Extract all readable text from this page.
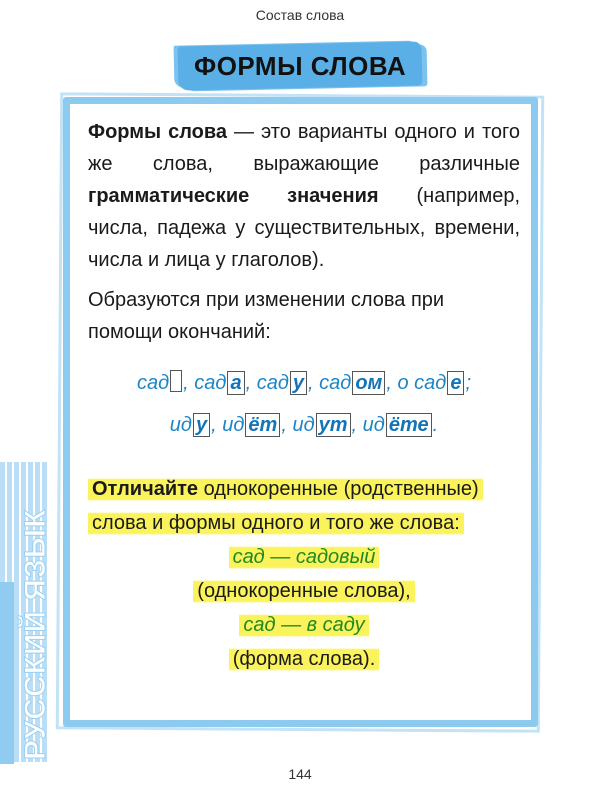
Состав слова
ФОРМЫ СЛОВА

Формы слова — это варианты одного и того же слова, выражающие различные грамматические значения (например, числа, падежа у существительных, времени, числа и лица у глаголов).

Образуются при изменении слова при помощи окончаний:

сад , сад а , сад у , сад ом , о сад е ;
ид у , ид ёт , ид ут , ид ёте .

Отличайте однокоренные (родственные) слова и формы одного и того же слова:

сад — садовый
(однокоренные слова),
сад — в саду
(форма слова).
РУССКИЙ ЯЗЫК
144
